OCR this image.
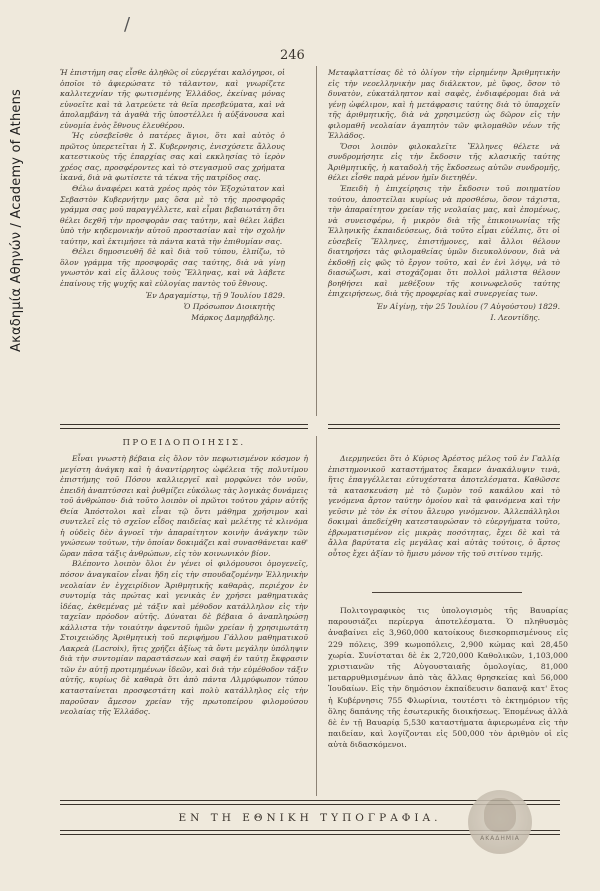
Ακαδημία Αθηνών / Academy of Athens
/
246

Ἡ ἐπιστήμη σας εἶσθε ἀληθῶς οἱ εὐεργέται καλόγηροι, οἱ ὁποῖοι τὸ ἀφιερώσατε τὸ τάλαντον, καὶ γνωρίζετε καλλιτεχνίαν τῆς φωτισμένης Ἑλλάδος, ἐκείνας μόνας εὐνοεῖτε καὶ τὰ λατρεύετε τὰ θεῖα πρεσβεύματα, καὶ νὰ ἀπολαμβάνη τὰ ἀγαθὰ τῆς ὑποστέλλει ἡ αὐξάνουσα καὶ εὐνομία ἐνὸς ἔθνους ἐλευθέρου.

Ἡς εὐσεβεῖσθε ὁ πατέρες ἅγιοι, ὅτι καὶ αὐτὸς ὁ πρῶτος ὑπερετεῖται ἡ Σ. Κυβερνησις, ἐνισχύσετε ἄλλους κατεστικοὺς τῆς ἐπαρχίας σας καὶ εκκλησίας τὸ ἱερὸν χρέος σας, προσφέροντες καὶ τὸ στεγασμοῦ σας χρήματα ἱκανά, διὰ νὰ φωτίσετε τὰ τέκνα τῆς πατρίδος σας.

Θέλω ἀναφέρει κατὰ χρέος πρὸς τὸν Ἐξοχώτατον καὶ Σεβαστὸν Κυβερνήτην μας ὅσα μὲ τὸ τῆς προσφορᾶς γράμμα σας μοῦ παραγγέλλετε, καὶ εἶμαι βεβαιωτάτη ὅτι θέλει δεχθῆ τὴν προσφορὰν σας ταύτην, καὶ θέλει λάβει ὑπὸ τὴν κηδεμονικὴν αὐτοῦ προστασίαν καὶ τὴν σχολὴν ταύτην, καὶ ἐκτιμήσει τὰ πάντα κατὰ τὴν ἐπιθυμίαν σας.

Θέλει δημοσιευθῆ δὲ καὶ διὰ τοῦ τύπου, ἐλπίζω, τὸ ὅλον γράμμα τῆς προσφορᾶς σας ταύτης, διὰ νὰ γίνῃ γνωστὸν καὶ εἰς ἄλλους τοὺς Ἕλληνας, καὶ νὰ λάβετε ἐπαίνους τῆς ψυχῆς καὶ εὐλογίας παντὸς τοῦ ἔθνους.

Ἐν Δραγαμίστῳ, τῇ 9 Ἰουλίου 1829.
Ὁ Πρόσωπον Διοικητὴς
Μάρκος Δαμηρβάλης.

Μεταφλαττίσας δὲ τὸ ὀλίγον τὴν εἰρημένην Ἀριθμητικὴν εἰς τὴν νεοελληνικὴν μας διάλεκτον, μὲ ὕφος, ὅσον τὸ δυνατὸν, εὐκατάληπτον καὶ σαφὲς, ἐνδιαφέρομαι διὰ νὰ γένῃ ὠφέλιμον, καὶ ἡ μετάφρασις ταύτης διὰ τὸ ὑπαρχεῖν τῆς ἀριθμητικῆς, διὰ νὰ χρησιμεύσῃ ὡς δῶρον εἰς τὴν φιλομαθῆ νεολαίαν ἀγαπητὸν τῶν φιλομαθῶν νέων τῆς Ἑλλάδος.

Ὅσοι λοιπὸν φιλοκαλεῖτε Ἕλληνες θέλετε νὰ συνδρομήσητε εἰς τὴν ἔκδοσιν τῆς κλασικῆς ταύτης Ἀριθμητικῆς, ἡ καταδολὴ τῆς ἔκδοσεως αὐτῶν συνδρομῆς, θέλει εἶσθε παρὰ μένον ἡμῖν διετηθέν.

Ἐπειδὴ ἡ ἐπιχείρησις τὴν ἔκδοσιν τοῦ ποιηματίου τούτου, ἀποστεῖλαι κυρίως νὰ προσθέσω, ὅσον τάχιστα, τὴν ἀπαραίτητον χρείαν τῆς νεολαίας μας, καὶ ἐπομένως, νὰ συνεισφέρω, ἡ μικρὸν διὰ τῆς ἐπικοινωνίας τῆς Ἑλληνικῆς ἐκπαιδεύσεως, διὰ τοῦτο εἶμαι εὐέλπις, ὅτι οἱ εὐσεβεῖς Ἕλληνες, ἐπιστήμονες, καὶ ἄλλοι θέλουν διατηρήσει τὰς φιλομαθείας ὑμῶν διευκολύνουν, διὰ νὰ ἐκδοθῇ εἰς φῶς τὸ ἔργον τοῦτο, καὶ ἐν ἐνὶ λόγῳ, νὰ τὸ διασώζωσι, καὶ στοχάζομαι ὅτι πολλοὶ μάλιστα θέλουν βοηθήσει καὶ μεθέξουν τῆς κοινωφελοῦς ταύτης ἐπιχειρήσεως, διὰ τῆς προφερίας καὶ συνεργείας των.

Ἐν Αἰγίνῃ, τὴν 25 Ἰουλίου (7 Αὐγούστου) 1829.
Ι. Λεοντίδης.
ΠΡΟΕΙΔΟΠΟΙΗΣΙΣ.

Εἶναι γνωστὴ βέβαια εἰς ὅλον τὸν πεφωτισμένον κόσμον ἡ μεγίστη ἀνάγκη καὶ ἡ ἀναντίρρητος ὠφέλεια τῆς πολυτίμου ἐπιστήμης τοῦ Πόσου καλλιεργεῖ καὶ μορφώνει τὸν νοῦν, ἐπειδὴ ἀναπτύσσει καὶ ῥυθμίζει εὐκόλως τὰς λογικὰς δυνάμεις τοῦ ἀνθρώπου· διὰ τοῦτο λοιπὸν οἱ πρῶτοι τούτου χάριν αὐτῆς Θεία Ἀπόστολοι καὶ εἶναι τῷ ὄντι μάθημα χρήσιμον καὶ συντελεῖ εἰς τὸ σχεῖον εἶδος παιδείας καὶ μελέτης τὲ κλινόμα ἡ οὐδεὶς δὲν ἀγνοεῖ τὴν ἀπαραίτητον κοινὴν ἀνάγκην τῶν γνώσεων τούτων, τὴν ὁποίαν δοκιμάζει καὶ συνασθάνεται καθ' ὥραν πᾶσα τάξις ἀνθρώπων, εἰς τὸν κοινωνικὸν βίον.

Βλέποντο λοιπὸν ὅλοι ἐν γένει οἱ φιλόμουσοι ὁμογενεῖς, πόσον ἀναγκαῖον εἶναι ἤδη εἰς τὴν σπουδαζομένην Ἑλληνικὴν νεολαίαν ἐν ἐγχειρίδιον Ἀριθμητικῆς καθαρὰς, περιέχον ἐν συντομίᾳ τὰς πρώτας καὶ γενικὰς ἐν χρήσει μαθηματικὰς ἰδέας, ἐκθεμένας μὲ τάξιν καὶ μέθοδον κατάλληλον εἰς τὴν ταχεῖαν πρόοδον αὐτῆς. Δύναται δὲ βέβαια ὁ ἀναπληρώσῃ κάλλιστα τὴν τοιαύτην ἀφεντοῦ ἡμῶν χρείαν ἡ χρησιμωτάτη Στοιχειώδης Ἀριθμητικὴ τοῦ περιφήμου Γάλλου μαθηματικοῦ Λακρεὰ (Lacroix), ἥτις χρήζει ἀξίως τὰ ὄντι μεγάλην ὑπόληψιν διὰ τὴν συντομίαν παραστάσεων καὶ σαφῆ ἐν ταύτῃ ἔκφρασιν τῶν ἐν αὐτῇ προτιμημένων ἰδεῶν, καὶ διὰ τὴν εὐμέθοδον τάξιν αὐτῆς, κυρίως δὲ καθαρὰ ὅτι ἀπὸ πάντα Λλμρύφωπον τύπου κατασταίνεται προσφεστάτη καὶ πολὺ κατάλληλος εἰς τὴν παροῦσαν ἄμεσον χρείαν τῆς πρωτοπείρου φιλομούσου νεολαίας τῆς Ἑλλάδος.

Διερμηνεύει ὅτι ὁ Κύριος Ἀρέστος μέλος τοῦ ἐν Γαλλίᾳ ἐπιστημονικοῦ καταστήματος ἔκαμεν ἀνακάλυψιν τινὰ, ἥτις ἐπαγγέλλεται εὐτυχέστατα ἀποτελέσματα. Καθῶσσε τὰ κατασκευάση μὲ τὸ ζωμὸν τοῦ κακάλου καὶ τὸ γενόμενα ἄρτον ταύτην ὁμοίου καὶ τὰ φαινόμενα καὶ τὴν γεῦσιν μὲ τὸν ἐκ σίτου ἄλευρο γινόμενον. Ἀλλεπάλληλοι δοκιμαὶ ἀπεδείχθη κατεσταυρώσαν τὸ εὐεργήματα τοῦτο, ἐβρωματισμένον εἰς μικρὰς ποσότητας, ἔχει δὲ καὶ τὰ ἄλλα βαρύτατα εἰς μεγάλας καὶ αὐτὰς τούτοις, ὁ ἄρτος οὗτος ἔχει ἀξίαν τὸ ἥμισυ μόνον τῆς τοῦ σιτίνου τιμῆς.

Πολιτογραφικὸς τις ὑπολογισμὸς τῆς Βαυαρίας παρουσιάζει περίεργα ἀποτελέσματα. Ὁ πληθυσμὸς ἀναβαίνει εἰς 3,960,000 κατοίκους διεσκορπισμένους εἰς 229 πόλεις, 399 κωμοπόλεις, 2,900 κώμας καὶ 28,450 χωρία. Συνίσταται δὲ ἐκ 2,720,000 Καθολικῶν, 1,103,000 χριστιανῶν τῆς Αὐγουσταιαῆς ὁμολογίας, 81,000 μεταρρυθμισμένων ἀπὸ τὰς ἄλλας θρησκείας καὶ 56,000 Ἰουδαίων. Εἰς τὴν δημόσιον ἐκπαίδευσιν δαπανᾷ κατ' ἔτος ἡ Κυβέρνησις 755 Φλωρίνια, τουτέστι τὸ ἐκτημόριον τῆς ὅλης δαπάνης τῆς ἐσωτερικῆς διοικήσεως. Ἐπομένως ἀλλὰ δὲ ἐν τῇ Βαυαρίᾳ 5,530 καταστήματα ἀφιερωμένα εἰς τὴν παιδείαν, καὶ λογίζονται εἰς 500,000 τὸν ἀριθμὸν οἱ εἰς αὐτὰ διδασκόμενοι.

ΕΝ ΤΗ ΕΘΝΙΚΗ ΤΥΠΟΓΡΑΦΙΑ.
ΑΚΑΔΗΜΙΑ
